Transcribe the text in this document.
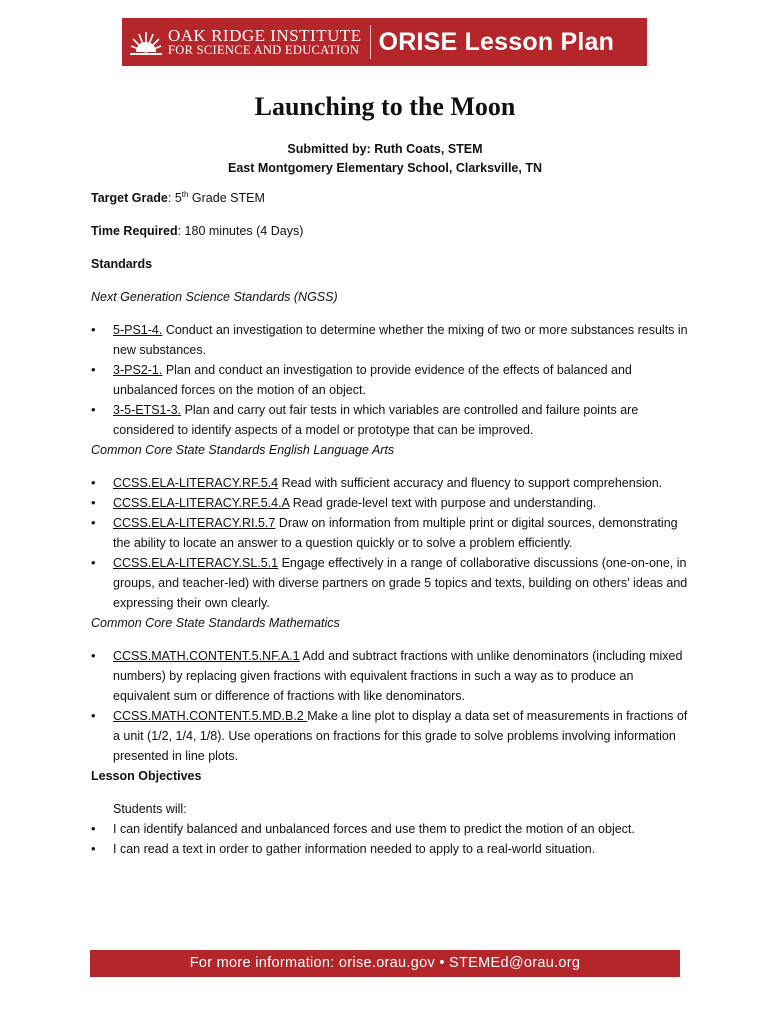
OAK RIDGE INSTITUTE
FOR SCIENCE AND EDUCATION ORISE Lesson Plan
Launching to the Moon
Submitted by: Ruth Coats, STEM
East Montgomery Elementary School, Clarksville, TN

Target Grade: 5th Grade STEM

Time Required: 180 minutes (4 Days)

Standards

Next Generation Science Standards (NGSS)

• 5-PS1-4. Conduct an investigation to determine whether the mixing of two or more substances results in new substances.
• 3-PS2-1. Plan and conduct an investigation to provide evidence of the effects of balanced and unbalanced forces on the motion of an object.
• 3-5-ETS1-3. Plan and carry out fair tests in which variables are controlled and failure points are considered to identify aspects of a model or prototype that can be improved.

Common Core State Standards English Language Arts

• CCSS.ELA-LITERACY.RF.5.4 Read with sufficient accuracy and fluency to support comprehension.
• CCSS.ELA-LITERACY.RF.5.4.A Read grade-level text with purpose and understanding.
• CCSS.ELA-LITERACY.RI.5.7 Draw on information from multiple print or digital sources, demonstrating the ability to locate an answer to a question quickly or to solve a problem efficiently.
• CCSS.ELA-LITERACY.SL.5.1 Engage effectively in a range of collaborative discussions (one-on-one, in groups, and teacher-led) with diverse partners on grade 5 topics and texts, building on others' ideas and expressing their own clearly.

Common Core State Standards Mathematics

• CCSS.MATH.CONTENT.5.NF.A.1 Add and subtract fractions with unlike denominators (including mixed numbers) by replacing given fractions with equivalent fractions in such a way as to produce an equivalent sum or difference of fractions with like denominators.
• CCSS.MATH.CONTENT.5.MD.B.2 Make a line plot to display a data set of measurements in fractions of a unit (1/2, 1/4, 1/8). Use operations on fractions for this grade to solve problems involving information presented in line plots.

Lesson Objectives

Students will:

• I can identify balanced and unbalanced forces and use them to predict the motion of an object.
• I can read a text in order to gather information needed to apply to a real-world situation.
For more information: orise.orau.gov • STEMEd@orau.org
